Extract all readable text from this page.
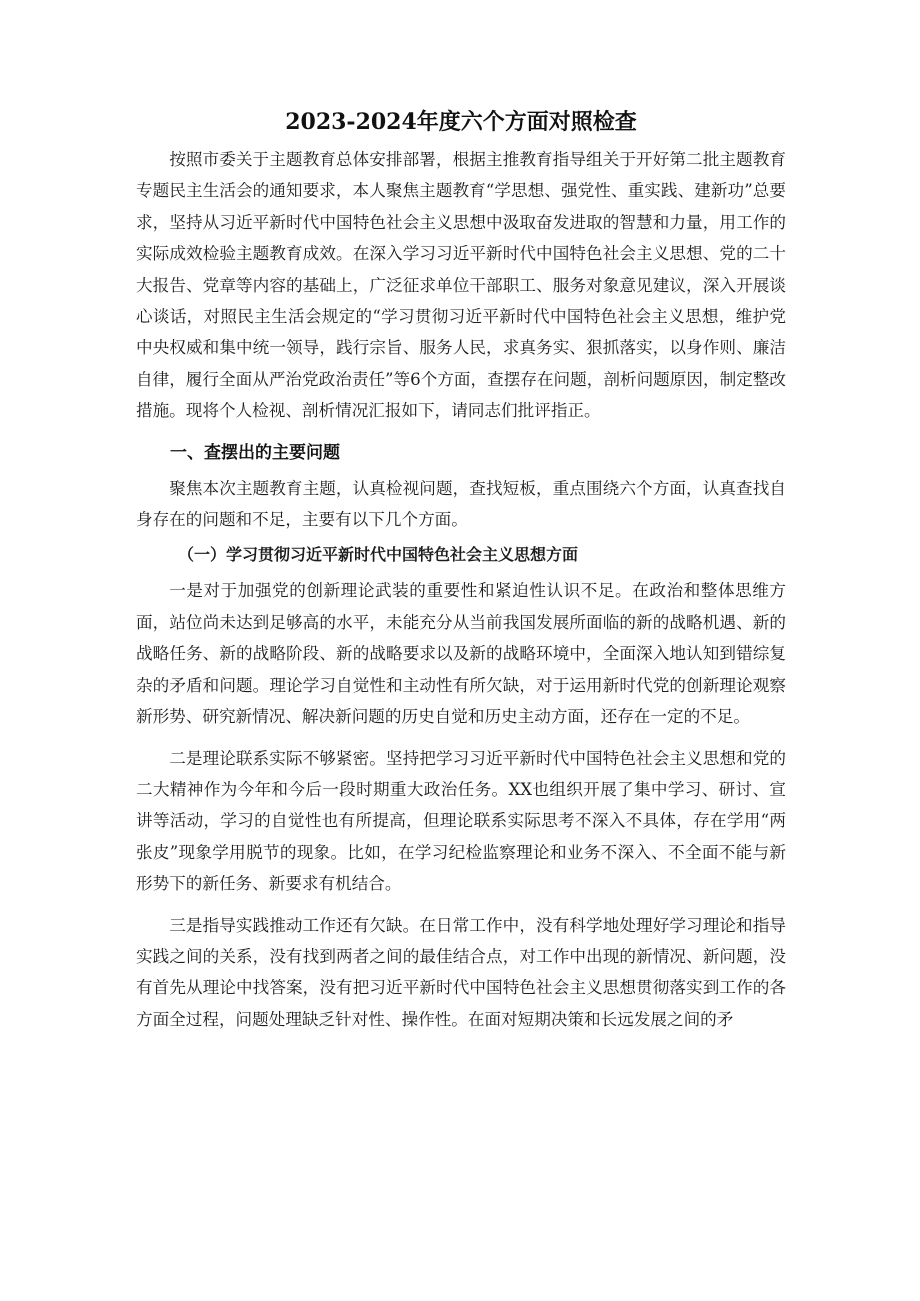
2023-2024年度六个方面对照检查

按照市委关于主题教育总体安排部署，根据主推教育指导组关于开好第二批主题教育专题民主生活会的通知要求，本人聚焦主题教育“学思想、强党性、重实践、建新功”总要求，坚持从习近平新时代中国特色社会主义思想中汲取奋发进取的智慧和力量，用工作的实际成效检验主题教育成效。在深入学习习近平新时代中国特色社会主义思想、党的二十大报告、党章等内容的基础上，广泛征求单位干部职工、服务对象意见建议，深入开展谈心谈话，对照民主生活会规定的“学习贯彻习近平新时代中国特色社会主义思想，维护党中央权威和集中统一领导，践行宗旨、服务人民，求真务实、狠抓落实，以身作则、廉洁自律，履行全面从严治党政治责任”等6个方面，查摆存在问题，剖析问题原因，制定整改措施。现将个人检视、剖析情况汇报如下，请同志们批评指正。

一、查摆出的主要问题

聚焦本次主题教育主题，认真检视问题，查找短板，重点围绕六个方面，认真查找自身存在的问题和不足，主要有以下几个方面。

（一）学习贯彻习近平新时代中国特色社会主义思想方面

一是对于加强党的创新理论武装的重要性和紧迫性认识不足。在政治和整体思维方面，站位尚未达到足够高的水平，未能充分从当前我国发展所面临的新的战略机遇、新的战略任务、新的战略阶段、新的战略要求以及新的战略环境中，全面深入地认知到错综复杂的矛盾和问题。理论学习自觉性和主动性有所欠缺，对于运用新时代党的创新理论观察新形势、研究新情况、解决新问题的历史自觉和历史主动方面，还存在一定的不足。

二是理论联系实际不够紧密。坚持把学习习近平新时代中国特色社会主义思想和党的二大精神作为今年和今后一段时期重大政治任务。XX也组织开展了集中学习、研讨、宣讲等活动，学习的自觉性也有所提高，但理论联系实际思考不深入不具体，存在学用“两张皮”现象学用脱节的现象。比如，在学习纪检监察理论和业务不深入、不全面不能与新形势下的新任务、新要求有机结合。

三是指导实践推动工作还有欠缺。在日常工作中，没有科学地处理好学习理论和指导实践之间的关系，没有找到两者之间的最佳结合点，对工作中出现的新情况、新问题，没有首先从理论中找答案，没有把习近平新时代中国特色社会主义思想贯彻落实到工作的各方面全过程，问题处理缺乏针对性、操作性。在面对短期决策和长远发展之间的矛
